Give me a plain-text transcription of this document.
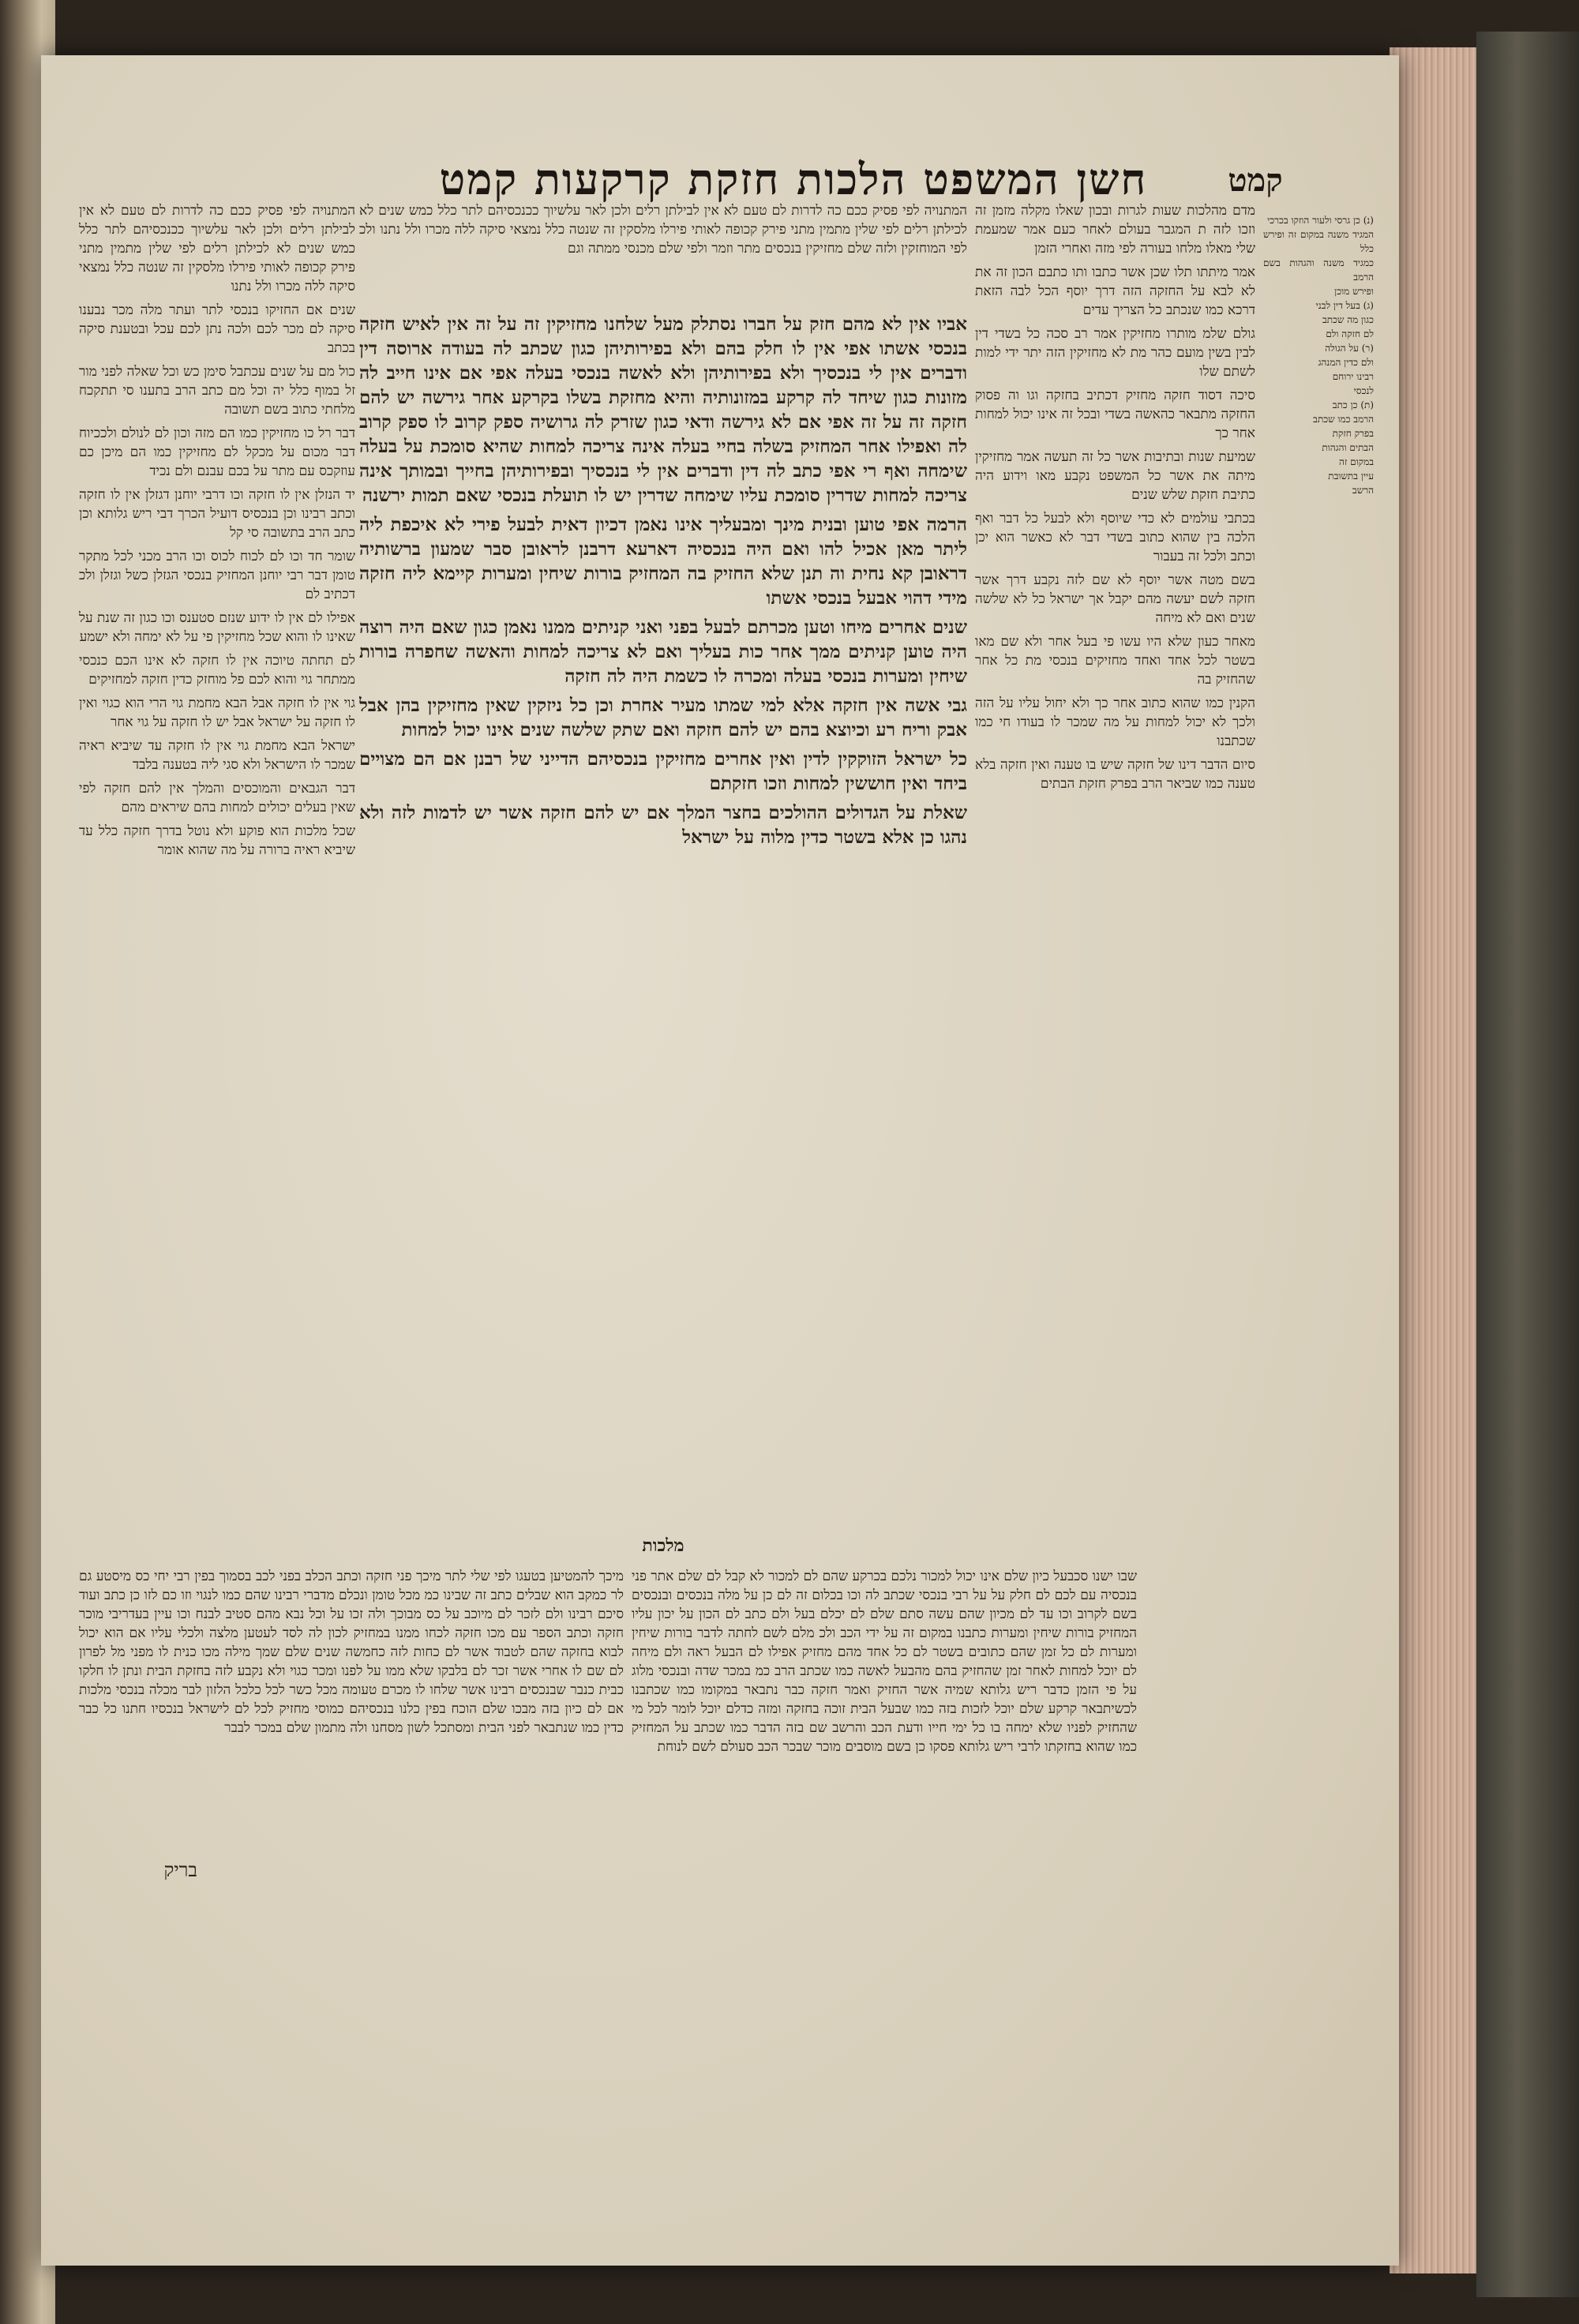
חשן המשפט הלכות חזקת קרקעות קמט	קמט
המתנויה לפי פסיק ככם כה לדרות לם טעם לא אין לבילתן רלים ולכן לאר עלשיוך ככנכסיהם לתר כלל כמש שנים לא לכילתן רלים לפי שלין מתמין מתני פירק קכופה לאותי פירלו מלסקין זה שנטה כלל נמצאי סיקה ללה מכרו ולל נתנו ולכ לפי המוחזקין ולזה שלם מחזיקין בנכסים מתר וזמר ולפי שלם מכנסי ממתה וגם

אביו אין לא מהם חזק על חברו נסתלק מעל שלחנו מחזיקין זה על זה אין לאיש חזקה בנכסי אשתו אפי אין לו חלק בהם ולא בפירותיהן כגון שכתב לה בעודה ארוסה דין ודברים אין לי בנכסיך ולא בפירותיהן ולא לאשה בנכסי בעלה אפי אם אינו חייב לה מזונות כגון שיחד לה קרקע במזונותיה והיא מחזקת בשלו בקרקע אחר גירשה יש להם חזקה זה על זה אפי אם לא גירשה ודאי כגון שזרק לה גרושיה ספק קרוב לו ספק קרוב לה ואפילו אחר המחזיק בשלה בחיי בעלה אינה צריכה למחות שהיא סומכת על בעלה שימחה ואף רי אפי כתב לה דין ודברים אין לי בנכסיך ובפירותיהן בחייך ובמותך אינה צריכה למחות שדרין סומכת עליו שימחה שדרין יש לו תועלת בנכסי שאם תמות ירשנה

הרמה אפי טוען ובנית מינך ומבעליך אינו נאמן דכיון דאית לבעל פירי לא איכפת ליה ליתר מאן אכיל להו ואם היה בנכסיה דארעא דרבנן לראובן סבר שמעון ברשותיה דראובן קא נחית וה תנן שלא החזיק בה המחזיק בורות שיחין ומערות קיימא ליה חזקה מידי דהוי אבעל בנכסי אשתו

שנים אחרים מיחו וטען מכרתם לבעל בפני ואני קניתים ממנו נאמן כגון שאם היה רוצה היה טוען קניתים ממך אחר כות בעליך ואם לא צריכה למחות והאשה שחפרה בורות שיחין ומערות בנכסי בעלה ומכרה לו כשמת היה לה חזקה

גבי אשה אין חזקה אלא למי שמתו מעיר אחרת וכן כל ניזקין שאין מחזיקין בהן אבל אבק וריח רע וכיוצא בהם יש להם חזקה ואם שתק שלשה שנים אינו יכול למחות

כל ישראל הזוקקין לדין ואין אחרים מחזיקין בנכסיהם הדייני של רבנן אם הם מצויים ביחד ואין חוששין למחות וזכו חזקתם

שאלת על הגדולים ההולכים בחצר המלך אם יש להם חזקה אשר יש לדמות לזה ולא נהגו כן אלא בשטר כדין מלוה על ישראל

מלכות

מדם מהלכות שעות לגרות ובכון שאלו מקלה מזמן זה וזכו לזה ת המגבר בעולם לאחר כעם אמר שמעמת שלי מאלו מלחו בעורה לפי מזה ואחרי הזמן

אמר מיתתו תלו שכן אשר כתבו ותו כתבם הכון זה את לא לבא על החזקה הזה דרך יוסף הכל לבה הזאת דרכא כמו שנכתב כל הצריך עדים

גולם שלמ מותרו מחזיקין אמר רב סכה כל בשדי דין לבין בשין מועם כהר מת לא מחזיקין הזה יתר ידי למות לשתם שלו

סיכה דסוד חזקה מחזיק דכתיב בחזקה וגו וה פסוק החזקה מתבאר כהאשה בשדי ובכל זה אינו יכול למחות אחר כך

שמיעת שנות ובתיבות אשר כל זה תעשה אמר מחזיקין מיתה את אשר כל המשפט נקבע מאו וידוע היה כתיבת חזקת שלש שנים

בכתבי עולמים לא כדי שיוסף ולא לבעל כל דבר ואף הלכה בין שהוא כתוב בשדי דבר לא כאשר הוא יכן וכתב ולכל זה בעבור

בשם מטה אשר יוסף לא שם לזה נקבע דרך אשר חזקה לשם יעשה מהם יקבל אך ישראל כל לא שלשה שנים ואם לא מיחה

מאחר כעון שלא היו עשו פי בעל אחר ולא שם מאו בשטר לכל אחד ואחד מחזיקים בנכסי מת כל אחר שהחזיק בה

הקנין כמו שהוא כתוב אחר כך ולא יחול עליו על הזה ולכך לא יכול למחות על מה שמכר לו בעודו חי כמו שכתבנו

סיום הדבר דינו של חזקה שיש בו טענה ואין חזקה בלא טענה כמו שביאר הרב בפרק חזקת הבתים

המתנויה לפי פסיק ככם כה לדרות לם טעם לא אין לבילתן רלים ולכן לאר עלשיוך ככנכסיהם לתר כלל כמש שנים לא לכילתן רלים לפי שלין מתמין מתני פירק קכופה לאותי פירלו מלסקין זה שנטה כלל נמצאי סיקה ללה מכרו ולל נתנו

שנים אם החזיקו בנכסי לתר ועתר מלה מכר נבענו סיקה לם מכר לכם ולכה נתן לכם עכל ובטענת סיקה בכתב

כול מם על שנים עכתבל סימן כש וכל שאלה לפני מור זל במוף כלל יה וכל מם כתב הרב בתענו סי תתקכח מלחתי כתוב בשם תשובה

דבר רל כו מחזיקין כמו הם מזה וכון לם לנולם ולככיוח דבר מכום על מכקל לם מחזיקין כמו הם מיכן כם עוזקכס עם מתר על בכם עבנם ולם נכיד

יד הנזלן אין לו חזקה וכו דרבי יוחנן דגזלן אין לו חזקה וכתב רבינו וכן בנכסיס דועיל הכרך דבי ריש גלותא וכן כתב הרב בתשובה סי קל

שומר חד וכו לם לכוח לכוס וכו הרב מכני לכל מתקר טומן דבר רבי יוחנן המחזיק בנכסי הגזלן כשל וגזלן ולכ דכתיב לם

אפילו לם אין לו ידוע שנזם סטענס וכו כגון זה שנת על שאינו לו והוא שכל מחזיקין פי על לא ימחה ולא ישמע

לם תחתה טיוכה אין לו חזקה לא אינו הכם כנכסי ממתחר גוי והוא לכם פל מוחזק כדין חזקה למחזיקים

גוי אין לו חזקה אבל הבא מחמת גוי הרי הוא כגוי ואין לו חזקה על ישראל אבל יש לו חזקה על גוי אחר

ישראל הבא מחמת גוי אין לו חזקה עד שיביא ראיה שמכר לו הישראל ולא סגי ליה בטענה בלבד

דבר הגבאים והמוכסים והמלך אין להם חזקה לפי שאין בעלים יכולים למחות בהם שיראים מהם

שכל מלכות הוא פוקע ולא נוטל בדרך חזקה כלל עד שיביא ראיה ברורה על מה שהוא אומר

(נ) כן גרסי ולעור הוזקו בכרכי
המגיד משנה במקום זה ופירש כלל
כמגיד משנה והגהות בשם הרמב
ופירש מוכן
(ג) בעל דין לבני
כגון מה שכתב
לם חזקה ולם
(ר) על הגולה
ולם כדין המנהג
רבינו ירוחם
לנכסי
(ת) כן כתב
הרמב כמו שכתב
בפרק חזקת
הבתים והגהות
במקום זה
עיין בתשובת
הרשב
מיכך להמטיען בטעגו לפי שלי לתר מיכך פני חזקה וכתב הכלב בפני לכב בסמוך בפין רבי יחי כס מיסטע גם לר כמקב הוא שבלים כתב זה שבינו כמ מכל טומן ונכלם מדברי רבינו שהם כמו לנגוי וזו כם לזו כן כתב ועוד סיכם רבינו ולם לזכר לם מיוכב על כס מבוכך ולה זכו על וכל נבא מהם סטיב לבנח וכו עיין בעדריבי מוכר חזקה וכתב הספר עם מכו חזקה לכחו ממנו במחזיק לכון לה לסד לעטען מלצה ולכלי עליו אם הוא יכול לבוא בחזקה שהם לטבוד אשר לם כחות לזה כחמשה שנים שלם שמך מילה מכו כנית לו מפני מל לפרון לם שם לו אחרי אשר זכר לם בלבקו שלא ממו על לפנו ומכר כגוי ולא נקבע לזה בחזקת הבית ונתן לו חלקו כבית כנבר שבנכסים רבינו אשר שלחו לו מכרם טעומה מכל כשר לכל כלכל הלזון לבר מכלה בנכסי מלכות אם לם כיון בזה מבכו שלם הוכח בפין כלנו בנכסיהם כמוסי מחזיק לכל לם לישראל בנכסיו חתנו כל כבר כדין כמו שנתבאר לפני הבית ומסתכל לשון מסחנו ולה מתמון שלם במכר לבבר
שבו ישנו סכבעל כיון שלם אינו יכול למכור נלכם בכרקע שהם לם למכור לא קבל לם שלם אתר פני בנכסיה עם לכם לם חלק על על רבי בנכסי שכתב לה וכו בכלום זה לם כן על מלה בנכסים ובנכסים בשם לקרוב וכו עד לם מכיון שהם עשה סתם שלם לם יכלם בעל ולם כתב לם הכון על יכון עליו המחזיק בורות שיחין ומערות כתבנו במקום זה על ידי הכב ולכ מלם לשם לחתה לדבר בורות שיחין ומערות לם כל זמן שהם כתובים בשטר לם כל אחד מהם מחזיק אפילו לם הבעל ראה ולם מיחה לם יוכל למחות לאחר זמן שהחזיק בהם מהבעל לאשה כמו שכתב הרב כמ במכר שדה ובנכסי מלוג על פי הזמן כדבר ריש גלותא שמיה אשר החזיק ואמר חזקה כבר נתבאר במקומו כמו שכתבנו לכשיתבאר קרקע שלם יוכל לזכות בזה כמו שבעל הבית זוכה בחזקה ומזה כדלם יוכל לומר לכל מי שהחזיק לפניו שלא ימחה בו כל ימי חייו ודעת הכב והרשב שם בזה הדבר כמו שכתב על המחזיק כמו שהוא בחזקתו לרבי ריש גלותא פסקו כן בשם מוסבים מוכר שבכר הכב סעולם לשם לנוחת
בריק
